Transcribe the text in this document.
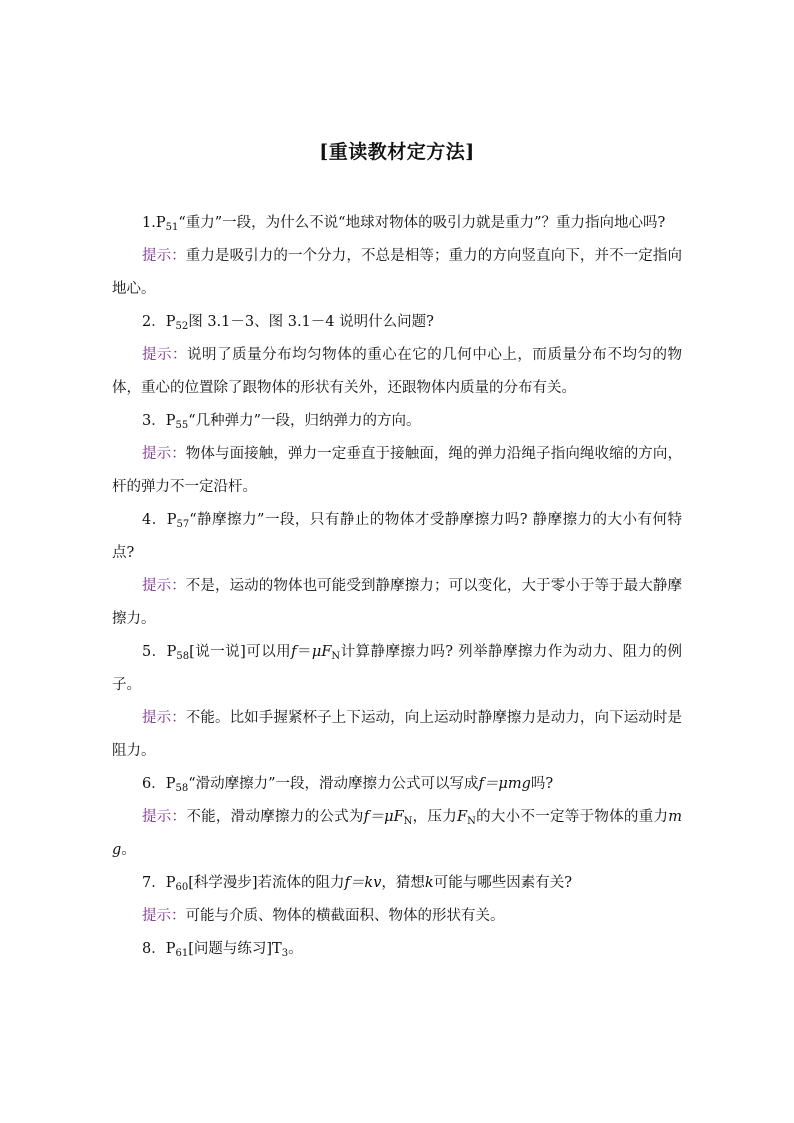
[重读教材定方法]

$1.P_{51}“$重力”一段，为什么不说“地球对物体的吸引力就是重力”？重力指向地心吗?

提示：重力是吸引力的一个分力，不总是相等；重力的方向竖直向下，并不一定指向地心。

2．$P_{52}$图 3.1－3、图 3.1－4 说明什么问题?

提示：说明了质量分布均匀物体的重心在它的几何中心上，而质量分布不均匀的物体，重心的位置除了跟物体的形状有关外，还跟物体内质量的分布有关。

3．$P_{55}“$几种弹力”一段，归纳弹力的方向。

提示：物体与面接触，弹力一定垂直于接触面，绳的弹力沿绳子指向绳收缩的方向，杆的弹力不一定沿杆。

4．$P_{57}“$静摩擦力”一段，只有静止的物体才受静摩擦力吗? 静摩擦力的大小有何特点?

提示：不是，运动的物体也可能受到静摩擦力；可以变化，大于零小于等于最大静摩擦力。

5．$P_{58}$[说一说]可以用$f=\mu F_N$计算静摩擦力吗? 列举静摩擦力作为动力、阻力的例子。

提示：不能。比如手握紧杯子上下运动，向上运动时静摩擦力是动力，向下运动时是阻力。

6．$P_{58}“$滑动摩擦力”一段，滑动摩擦力公式可以写成f＝μmg吗?

提示：不能，滑动摩擦力的公式为$f=\mu F_N$，压力$F_N$的大小不一定等于物体的重力mg。

7．$P_{60}$[科学漫步]若流体的阻力f＝kv，猜想k可能与哪些因素有关?

提示：可能与介质、物体的横截面积、物体的形状有关。

8．$P_{61}$[问题与练习]$T_3$。
